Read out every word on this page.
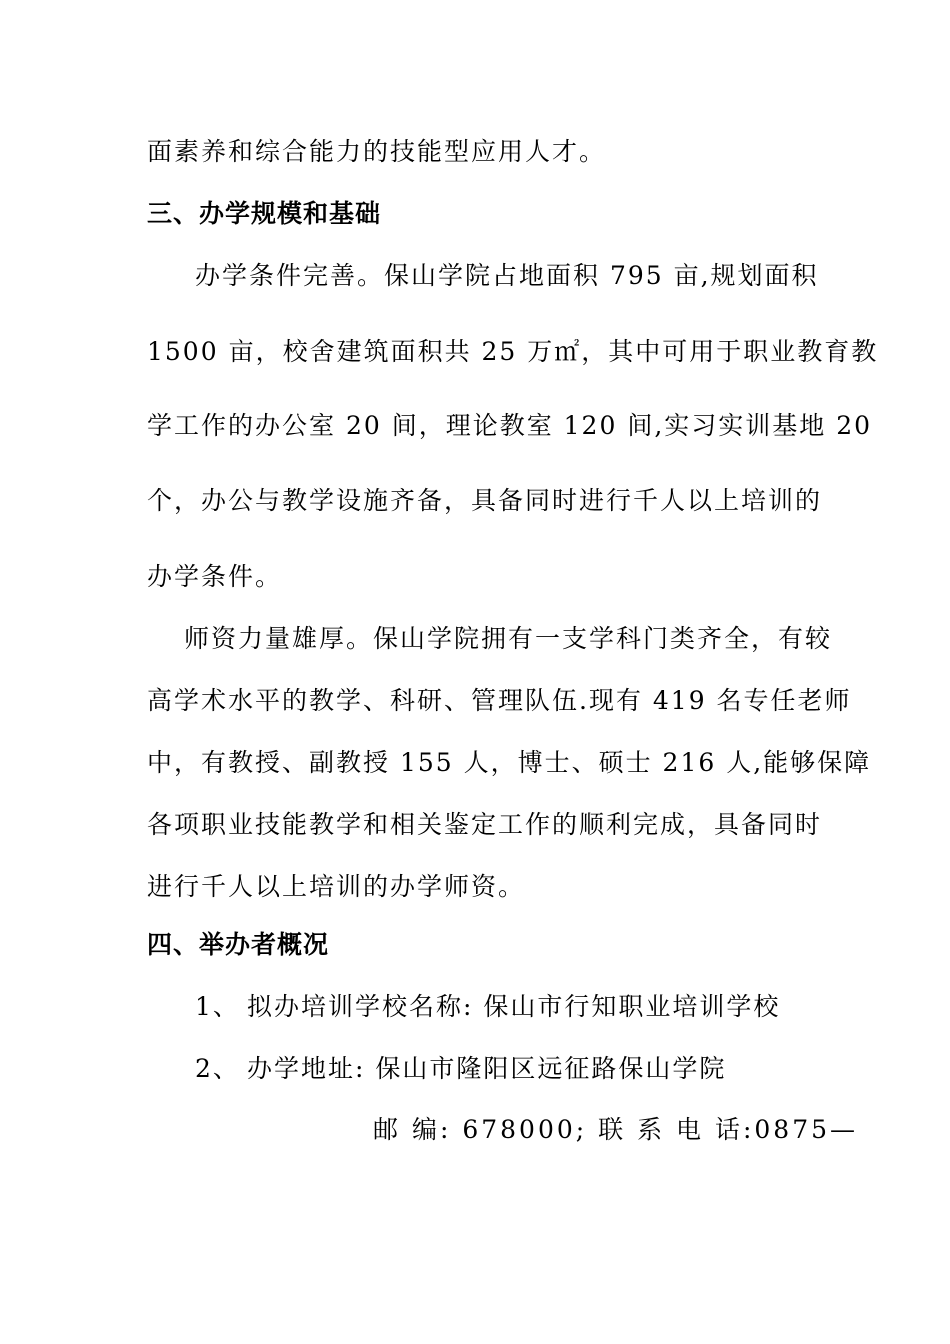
面素养和综合能力的技能型应用人才。
三、办学规模和基础
办学条件完善。保山学院占地面积 795 亩,规划面积
1500 亩，校舍建筑面积共 25 万㎡，其中可用于职业教育教
学工作的办公室 20 间，理论教室 120 间,实习实训基地 20
个，办公与教学设施齐备，具备同时进行千人以上培训的
办学条件。
师资力量雄厚。保山学院拥有一支学科门类齐全，有较
高学术水平的教学、科研、管理队伍.现有 419 名专任老师
中，有教授、副教授 155 人，博士、硕士 216 人,能够保障
各项职业技能教学和相关鉴定工作的顺利完成，具备同时
进行千人以上培训的办学师资。
四、举办者概况
1、 拟办培训学校名称: 保山市行知职业培训学校
2、 办学地址: 保山市隆阳区远征路保山学院
邮 编: 678000; 联 系 电 话:0875—
